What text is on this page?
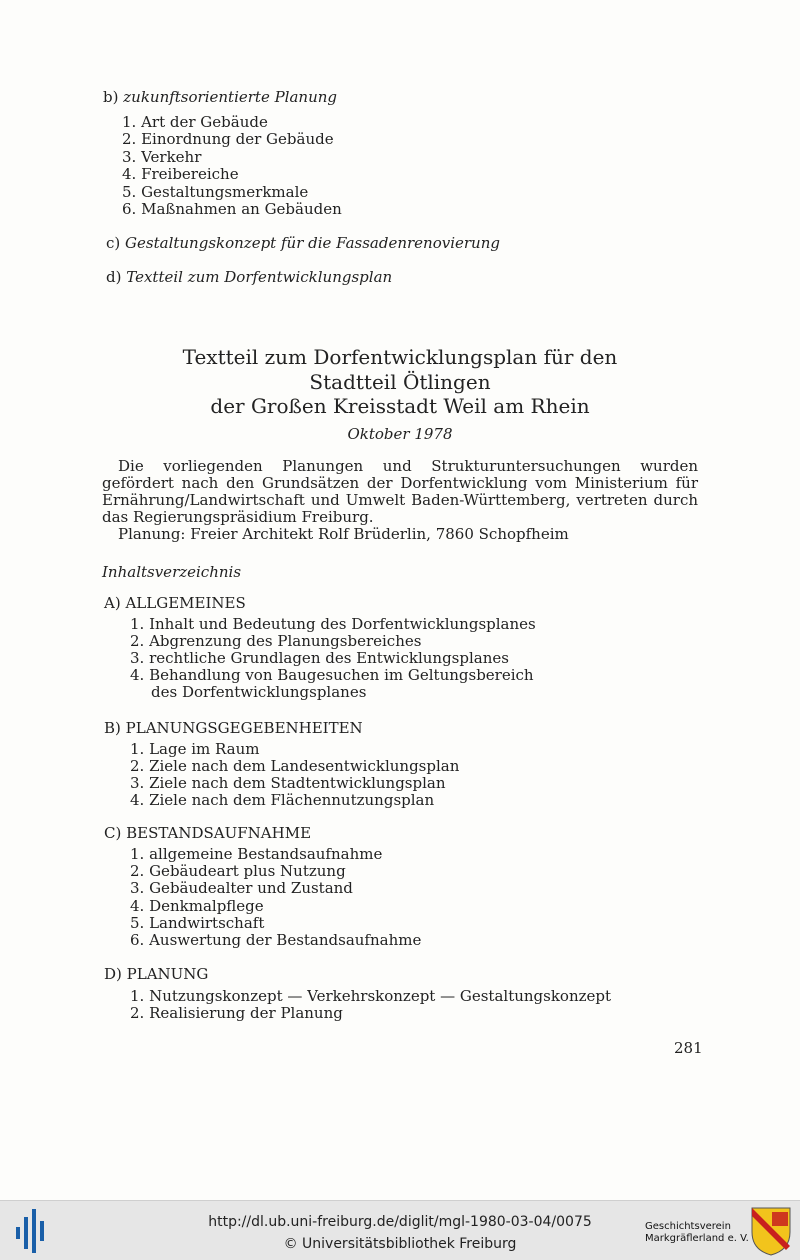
b) zukunftsorientierte Planung
1. Art der Gebäude
2. Einordnung der Gebäude
3. Verkehr
4. Freibereiche
5. Gestaltungsmerkmale
6. Maßnahmen an Gebäuden
c) Gestaltungskonzept für die Fassadenrenovierung
d) Textteil zum Dorfentwicklungsplan
Textteil zum Dorfentwicklungsplan für den
Stadtteil Ötlingen
der Großen Kreisstadt Weil am Rhein
Oktober 1978

Die vorliegenden Planungen und Strukturuntersuchungen wurden gefördert nach den Grundsätzen der Dorfentwicklung vom Ministerium für Ernährung/Landwirtschaft und Umwelt Baden-Württemberg, vertreten durch das Regierungspräsidium Freiburg.

Planung: Freier Architekt Rolf Brüderlin, 7860 Schopfheim

Inhaltsverzeichnis
A) ALLGEMEINES
1. Inhalt und Bedeutung des Dorfentwicklungsplanes
2. Abgrenzung des Planungsbereiches
3. rechtliche Grundlagen des Entwicklungsplanes
4. Behandlung von Baugesuchen im Geltungsbereich
des Dorfentwicklungsplanes
B) PLANUNGSGEGEBENHEITEN
1. Lage im Raum
2. Ziele nach dem Landesentwicklungsplan
3. Ziele nach dem Stadtentwicklungsplan
4. Ziele nach dem Flächennutzungsplan
C) BESTANDSAUFNAHME
1. allgemeine Bestandsaufnahme
2. Gebäudeart plus Nutzung
3. Gebäudealter und Zustand
4. Denkmalpflege
5. Landwirtschaft
6. Auswertung der Bestandsaufnahme
D) PLANUNG
1. Nutzungskonzept — Verkehrskonzept — Gestaltungskonzept
2. Realisierung der Planung
281
http://dl.ub.uni-freiburg.de/diglit/mgl-1980-03-04/0075
© Universitätsbibliothek Freiburg
Geschichtsverein
Markgräflerland e. V.
